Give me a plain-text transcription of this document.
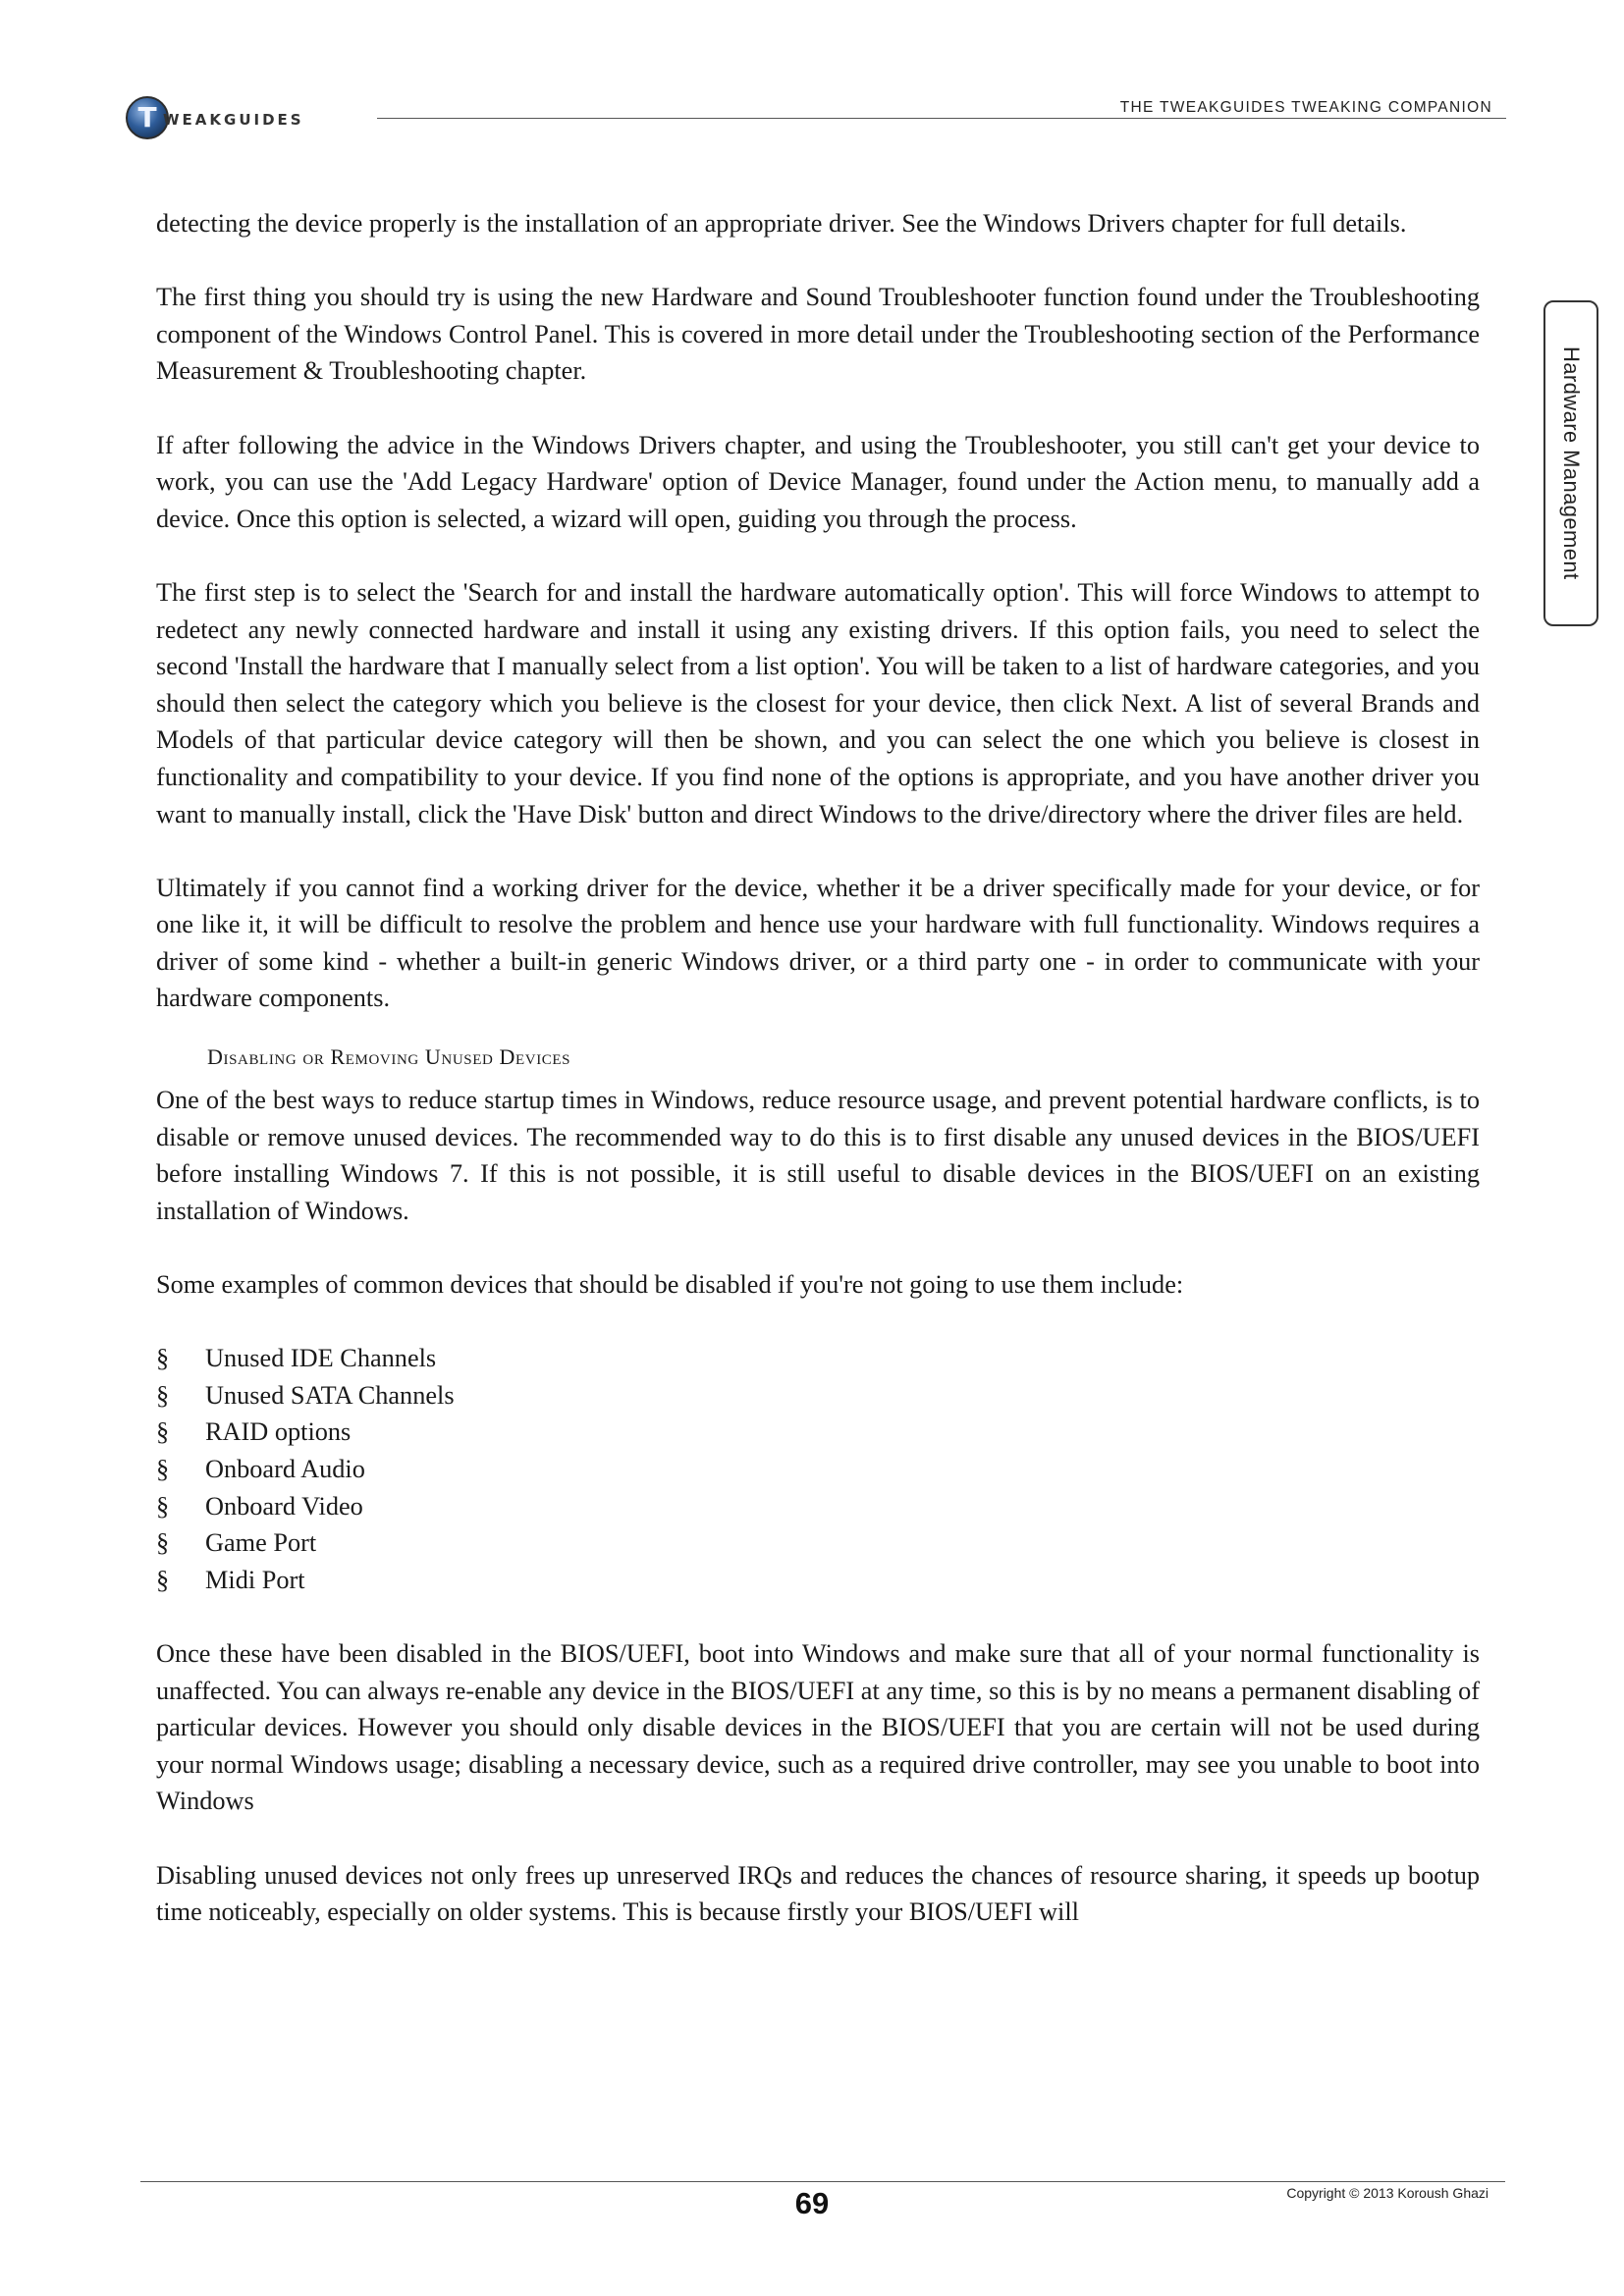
T WEAKGUIDES
THE TWEAKGUIDES TWEAKING COMPANION
Hardware Management

detecting the device properly is the installation of an appropriate driver. See the Windows Drivers chapter for full details.

The first thing you should try is using the new Hardware and Sound Troubleshooter function found under the Troubleshooting component of the Windows Control Panel. This is covered in more detail under the Troubleshooting section of the Performance Measurement & Troubleshooting chapter.

If after following the advice in the Windows Drivers chapter, and using the Troubleshooter, you still can't get your device to work, you can use the 'Add Legacy Hardware' option of Device Manager, found under the Action menu, to manually add a device. Once this option is selected, a wizard will open, guiding you through the process.

The first step is to select the 'Search for and install the hardware automatically option'. This will force Windows to attempt to redetect any newly connected hardware and install it using any existing drivers. If this option fails, you need to select the second 'Install the hardware that I manually select from a list option'. You will be taken to a list of hardware categories, and you should then select the category which you believe is the closest for your device, then click Next. A list of several Brands and Models of that particular device category will then be shown, and you can select the one which you believe is closest in functionality and compatibility to your device. If you find none of the options is appropriate, and you have another driver you want to manually install, click the 'Have Disk' button and direct Windows to the drive/directory where the driver files are held.

Ultimately if you cannot find a working driver for the device, whether it be a driver specifically made for your device, or for one like it, it will be difficult to resolve the problem and hence use your hardware with full functionality. Windows requires a driver of some kind - whether a built-in generic Windows driver, or a third party one - in order to communicate with your hardware components.

Disabling or Removing Unused Devices

One of the best ways to reduce startup times in Windows, reduce resource usage, and prevent potential hardware conflicts, is to disable or remove unused devices. The recommended way to do this is to first disable any unused devices in the BIOS/UEFI before installing Windows 7. If this is not possible, it is still useful to disable devices in the BIOS/UEFI on an existing installation of Windows.

Some examples of common devices that should be disabled if you're not going to use them include:

§	Unused IDE Channels
§	Unused SATA Channels
§	RAID options
§	Onboard Audio
§	Onboard Video
§	Game Port
§	Midi Port

Once these have been disabled in the BIOS/UEFI, boot into Windows and make sure that all of your normal functionality is unaffected. You can always re-enable any device in the BIOS/UEFI at any time, so this is by no means a permanent disabling of particular devices. However you should only disable devices in the BIOS/UEFI that you are certain will not be used during your normal Windows usage; disabling a necessary device, such as a required drive controller, may see you unable to boot into Windows

Disabling unused devices not only frees up unreserved IRQs and reduces the chances of resource sharing, it speeds up bootup time noticeably, especially on older systems. This is because firstly your BIOS/UEFI will

69	Copyright © 2013 Koroush Ghazi
